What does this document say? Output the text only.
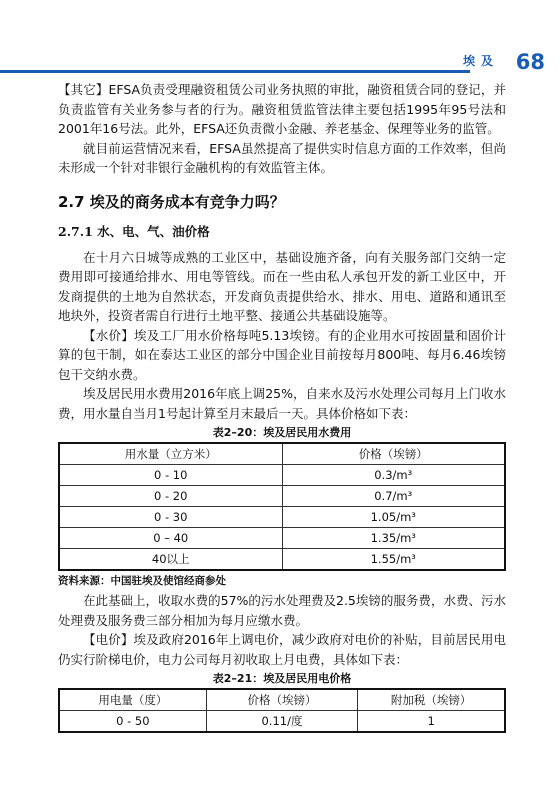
埃及 68

【其它】EFSA负责受理融资租赁公司业务执照的审批，融资租赁合同的登记，并负责监管有关业务参与者的行为。融资租赁监管法律主要包括1995年95号法和2001年16号法。此外，EFSA还负责微小金融、养老基金、保理等业务的监管。

就目前运营情况来看，EFSA虽然提高了提供实时信息方面的工作效率，但尚未形成一个针对非银行金融机构的有效监管主体。

2.7 埃及的商务成本有竞争力吗？
2.7.1 水、电、气、油价格

在十月六日城等成熟的工业区中，基础设施齐备，向有关服务部门交纳一定费用即可接通给排水、用电等管线。而在一些由私人承包开发的新工业区中，开发商提供的土地为自然状态，开发商负责提供给水、排水、用电、道路和通讯至地块外，投资者需自行进行土地平整、接通公共基础设施等。

【水价】埃及工厂用水价格每吨5.13埃镑。有的企业用水可按固量和固价计算的包干制，如在泰达工业区的部分中国企业目前按每月800吨、每月6.46埃镑包干交纳水费。

埃及居民用水费用2016年底上调25%，自来水及污水处理公司每月上门收水费，用水量自当月1号起计算至月末最后一天。具体价格如下表：

表2–20：埃及居民用水费用
用水量（立方米）	价格（埃镑）
0 - 10	0.3/m³
0 - 20	0.7/m³
0 - 30	1.05/m³
0 – 40	1.35/m³
40以上	1.55/m³
资料来源：中国驻埃及使馆经商参处

在此基础上，收取水费的57%的污水处理费及2.5埃镑的服务费，水费、污水处理费及服务费三部分相加为每月应缴水费。

【电价】埃及政府2016年上调电价，减少政府对电价的补贴，目前居民用电仍实行阶梯电价，电力公司每月初收取上月电费，具体如下表：

表2–21：埃及居民用电价格
用电量（度）	价格（埃镑）	附加税（埃镑）
0 - 50	0.11/度	1
